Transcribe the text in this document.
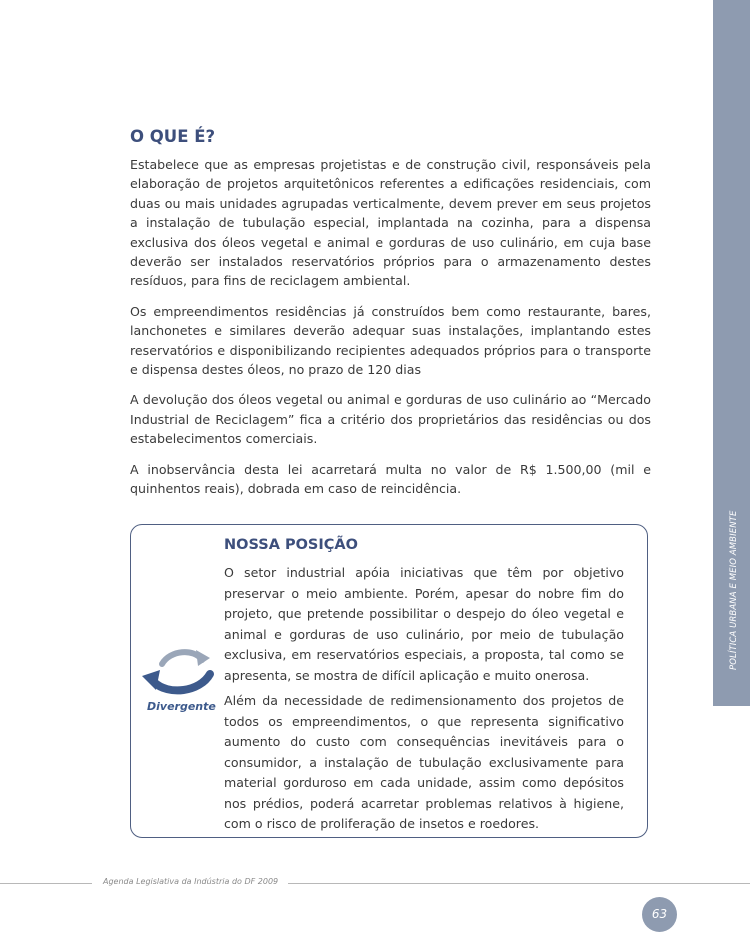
POLÍTICA URBANA E MEIO AMBIENTE
O QUE É?

Estabelece que as empresas projetistas e de construção civil, responsáveis pela elaboração de projetos arquitetônicos referentes a edificações residenciais, com duas ou mais unidades agrupadas verticalmente, devem prever em seus projetos a instalação de tubulação especial, implantada na cozinha, para a dispensa exclusiva dos óleos vegetal e animal e gorduras de uso culinário, em cuja base deverão ser instalados reservatórios próprios para o armazenamento destes resíduos, para fins de reciclagem ambiental.

Os empreendimentos residências já construídos bem como restaurante, bares, lanchonetes e similares deverão adequar suas instalações, implantando estes reservatórios e disponibilizando recipientes adequados próprios para o transporte e dispensa destes óleos, no prazo de 120 dias

A devolução dos óleos vegetal ou animal e gorduras de uso culinário ao “Mercado Industrial de Reciclagem” fica a critério dos proprietários das residências ou dos estabelecimentos comerciais.

A inobservância desta lei acarretará multa no valor de R$ 1.500,00 (mil e quinhentos reais), dobrada em caso de reincidência.

NOSSA POSIÇÃO

O setor industrial apóia iniciativas que têm por objetivo preservar o meio ambiente. Porém, apesar do nobre fim do projeto, que pretende possibilitar o despejo do óleo vegetal e animal e gorduras de uso culinário, por meio de tubulação exclusiva, em reservatórios especiais, a proposta, tal como se apresenta, se mostra de difícil aplicação e muito onerosa.

Além da necessidade de redimensionamento dos projetos de todos os empreendimentos, o que representa significativo aumento do custo com consequências inevitáveis para o consumidor, a instalação de tubulação exclusivamente para material gorduroso em cada unidade, assim como depósitos nos prédios, poderá acarretar problemas relativos à higiene, com o risco de proliferação de insetos e roedores.

Divergente
Agenda Legislativa da Indústria do DF 2009
63
